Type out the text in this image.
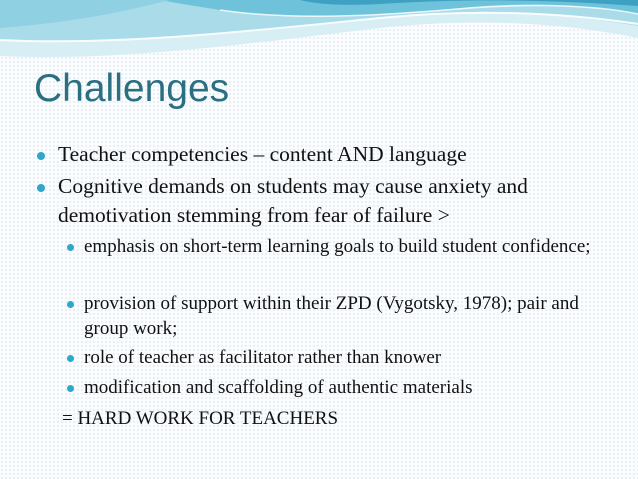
Challenges
Teacher competencies – content AND language
Cognitive demands on students may cause anxiety and demotivation stemming from fear of failure >
emphasis on short-term learning goals to build student confidence;
provision of support within their ZPD (Vygotsky, 1978); pair and group work;
role of teacher as facilitator rather than knower
modification and scaffolding of authentic materials
= HARD WORK FOR TEACHERS
